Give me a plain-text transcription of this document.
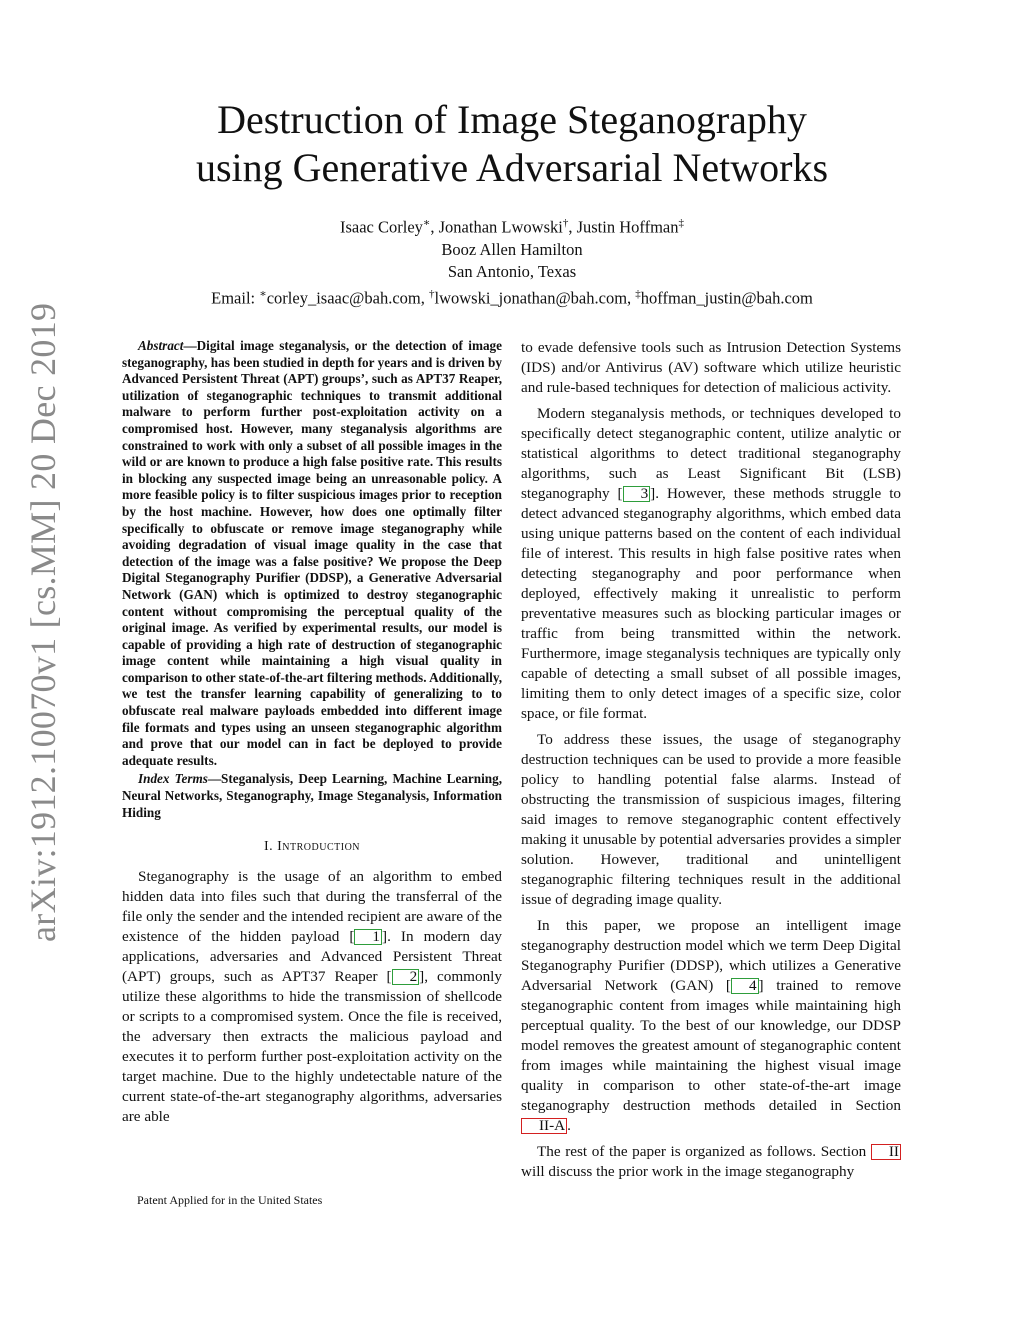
arXiv:1912.10070v1 [cs.MM] 20 Dec 2019
Destruction of Image Steganography
using Generative Adversarial Networks
Isaac Corley∗, Jonathan Lwowski†, Justin Hoffman‡
Booz Allen Hamilton
San Antonio, Texas
Email: ∗corley_isaac@bah.com, †lwowski_jonathan@bah.com, ‡hoffman_justin@bah.com

Abstract—Digital image steganalysis, or the detection of image steganography, has been studied in depth for years and is driven by Advanced Persistent Threat (APT) groups’, such as APT37 Reaper, utilization of steganographic techniques to transmit additional malware to perform further post-exploitation activity on a compromised host. However, many steganalysis algorithms are constrained to work with only a subset of all possible images in the wild or are known to produce a high false positive rate. This results in blocking any suspected image being an unreasonable policy. A more feasible policy is to filter suspicious images prior to reception by the host machine. However, how does one optimally filter specifically to obfuscate or remove image steganography while avoiding degradation of visual image quality in the case that detection of the image was a false positive? We propose the Deep Digital Steganography Purifier (DDSP), a Generative Adversarial Network (GAN) which is optimized to destroy steganographic content without compromising the perceptual quality of the original image. As verified by experimental results, our model is capable of providing a high rate of destruction of steganographic image content while maintaining a high visual quality in comparison to other state-of-the-art filtering methods. Additionally, we test the transfer learning capability of generalizing to to obfuscate real malware payloads embedded into different image file formats and types using an unseen steganographic algorithm and prove that our model can in fact be deployed to provide adequate results.

Index Terms—Steganalysis, Deep Learning, Machine Learning, Neural Networks, Steganography, Image Steganalysis, Information Hiding

I. Introduction

Steganography is the usage of an algorithm to embed hidden data into files such that during the transferral of the file only the sender and the intended recipient are aware of the existence of the hidden payload [ 1 ]. In modern day applications, adversaries and Advanced Persistent Threat (APT) groups, such as APT37 Reaper [ 2 ], commonly utilize these algorithms to hide the transmission of shellcode or scripts to a compromised system. Once the file is received, the adversary then extracts the malicious payload and executes it to perform further post-exploitation activity on the target machine. Due to the highly undetectable nature of the current state-of-the-art steganography algorithms, adversaries are able

to evade defensive tools such as Intrusion Detection Systems (IDS) and/or Antivirus (AV) software which utilize heuristic and rule-based techniques for detection of malicious activity.

Modern steganalysis methods, or techniques developed to specifically detect steganographic content, utilize analytic or statistical algorithms to detect traditional steganography algorithms, such as Least Significant Bit (LSB) steganography [ 3 ]. However, these methods struggle to detect advanced steganography algorithms, which embed data using unique patterns based on the content of each individual file of interest. This results in high false positive rates when detecting steganography and poor performance when deployed, effectively making it unrealistic to perform preventative measures such as blocking particular images or traffic from being transmitted within the network. Furthermore, image steganalysis techniques are typically only capable of detecting a small subset of all possible images, limiting them to only detect images of a specific size, color space, or file format.

To address these issues, the usage of steganography destruction techniques can be used to provide a more feasible policy to handling potential false alarms. Instead of obstructing the transmission of suspicious images, filtering said images to remove steganographic content effectively making it unusable by potential adversaries provides a simpler solution. However, traditional and unintelligent steganographic filtering techniques result in the additional issue of degrading image quality.

In this paper, we propose an intelligent image steganography destruction model which we term Deep Digital Steganography Purifier (DDSP), which utilizes a Generative Adversarial Network (GAN) [ 4 ] trained to remove steganographic content from images while maintaining high perceptual quality. To the best of our knowledge, our DDSP model removes the greatest amount of steganographic content from images while maintaining the highest visual image quality in comparison to other state-of-the-art image steganography destruction methods detailed in Section II-A .

The rest of the paper is organized as follows. Section II will discuss the prior work in the image steganography

Patent Applied for in the United States
